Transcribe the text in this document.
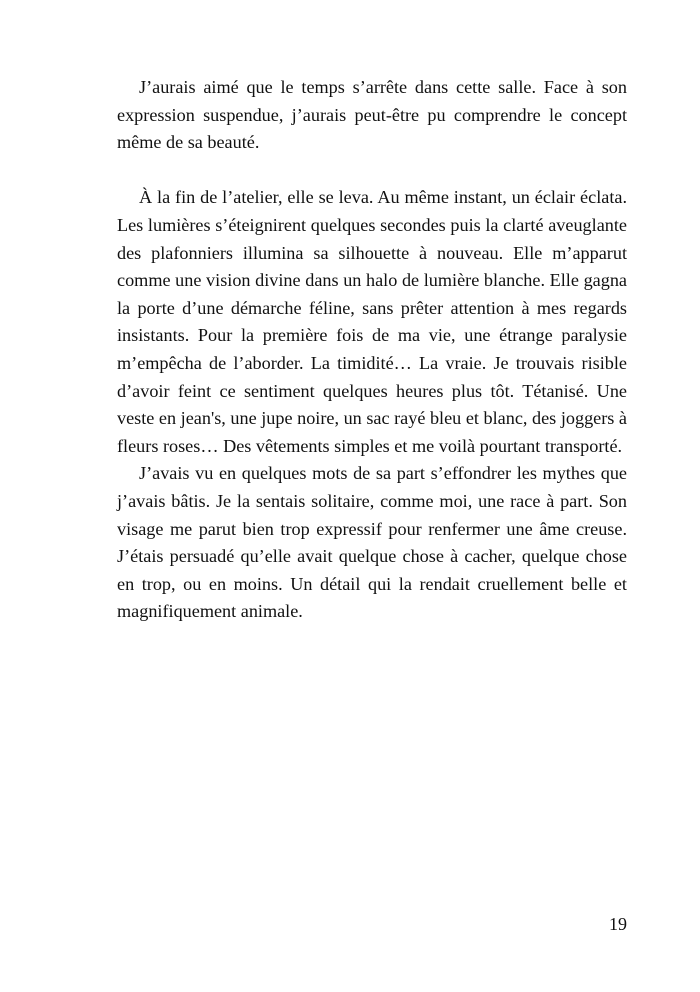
J’aurais aimé que le temps s’arrête dans cette salle. Face à son expression suspendue, j’aurais peut-être pu comprendre le concept même de sa beauté.

À la fin de l’atelier, elle se leva. Au même instant, un éclair éclata. Les lumières s’éteignirent quelques secondes puis la clarté aveuglante des plafonniers illumina sa silhouette à nouveau. Elle m’apparut comme une vision divine dans un halo de lumière blanche. Elle gagna la porte d’une démarche féline, sans prêter attention à mes regards insistants. Pour la première fois de ma vie, une étrange paralysie m’empêcha de l’aborder. La timidité… La vraie. Je trouvais risible d’avoir feint ce sentiment quelques heures plus tôt. Tétanisé. Une veste en jean's, une jupe noire, un sac rayé bleu et blanc, des joggers à fleurs roses… Des vêtements simples et me voilà pourtant transporté.

J’avais vu en quelques mots de sa part s’effondrer les mythes que j’avais bâtis. Je la sentais solitaire, comme moi, une race à part. Son visage me parut bien trop expressif pour renfermer une âme creuse. J’étais persuadé qu’elle avait quelque chose à cacher, quelque chose en trop, ou en moins. Un détail qui la rendait cruellement belle et magnifiquement animale.

19
